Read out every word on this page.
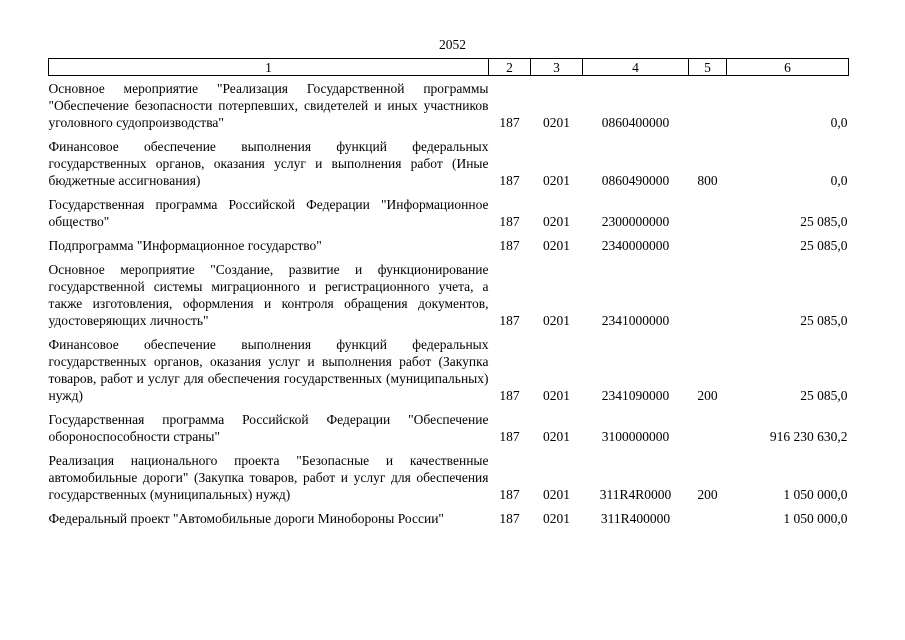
2052
1	2	3	4	5	6
Основное мероприятие "Реализация Государственной программы "Обеспечение безопасности потерпевших, свидетелей и иных участников уголовного судопроизводства"	187	0201	0860400000		0,0
Финансовое обеспечение выполнения функций федеральных государственных органов, оказания услуг и выполнения работ (Иные бюджетные ассигнования)	187	0201	0860490000	800	0,0
Государственная программа Российской Федерации "Информационное общество"	187	0201	2300000000		25 085,0
Подпрограмма "Информационное государство"	187	0201	2340000000		25 085,0
Основное мероприятие "Создание, развитие и функционирование государственной системы миграционного и регистрационного учета, а также изготовления, оформления и контроля обращения документов, удостоверяющих личность"	187	0201	2341000000		25 085,0
Финансовое обеспечение выполнения функций федеральных государственных органов, оказания услуг и выполнения работ (Закупка товаров, работ и услуг для обеспечения государственных (муниципальных) нужд)	187	0201	2341090000	200	25 085,0
Государственная программа Российской Федерации "Обеспечение обороноспособности страны"	187	0201	3100000000		916 230 630,2
Реализация национального проекта "Безопасные и качественные автомобильные дороги" (Закупка товаров, работ и услуг для обеспечения государственных (муниципальных) нужд)	187	0201	311R4R0000	200	1 050 000,0
Федеральный проект "Автомобильные дороги Минобороны России"	187	0201	311R400000		1 050 000,0
